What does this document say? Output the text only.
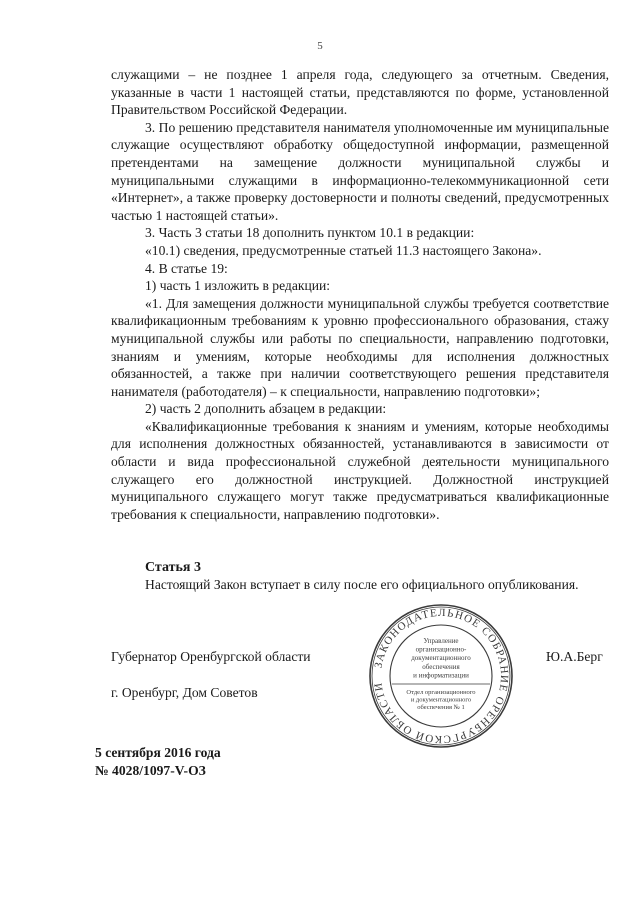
5

служащими – не позднее 1 апреля года, следующего за отчетным. Сведения, указанные в части 1 настоящей статьи, представляются по форме, установленной Правительством Российской Федерации.

3. По решению представителя нанимателя уполномоченные им муниципальные служащие осуществляют обработку общедоступной информации, размещенной претендентами на замещение должности муниципальной службы и муниципальными служащими в информационно-телекоммуникационной сети «Интернет», а также проверку достоверности и полноты сведений, предусмотренных частью 1 настоящей статьи».

3. Часть 3 статьи 18 дополнить пунктом 10.1 в редакции:

«10.1) сведения, предусмотренные статьей 11.3 настоящего Закона».

4. В статье 19:

1) часть 1 изложить в редакции:

«1. Для замещения должности муниципальной службы требуется соответствие квалификационным требованиям к уровню профессионального образования, стажу муниципальной службы или работы по специальности, направлению подготовки, знаниям и умениям, которые необходимы для исполнения должностных обязанностей, а также при наличии соответствующего решения представителя нанимателя (работодателя) – к специальности, направлению подготовки»;

2) часть 2 дополнить абзацем в редакции:

«Квалификационные требования к знаниям и умениям, которые необходимы для исполнения должностных обязанностей, устанавливаются в зависимости от области и вида профессиональной служебной деятельности муниципального служащего его должностной инструкцией. Должностной инструкцией муниципального служащего могут также предусматриваться квалификационные требования к специальности, направлению подготовки».

Статья 3

Настоящий Закон вступает в силу после его официального опубликования.

Губернатор Оренбургской области	Ю.А.Берг
г. Оренбург, Дом Советов
5 сентября 2016 года
№ 4028/1097-V-ОЗ
ЗАКОНОДАТЕЛЬНОЕ СОБРАНИЕ ОРЕНБУРГСКОЙ ОБЛАСТИ
Управление
организационно-
документационного
обеспечения
и информатизации
Отдел организационного
и документационного
обеспечения № 1
